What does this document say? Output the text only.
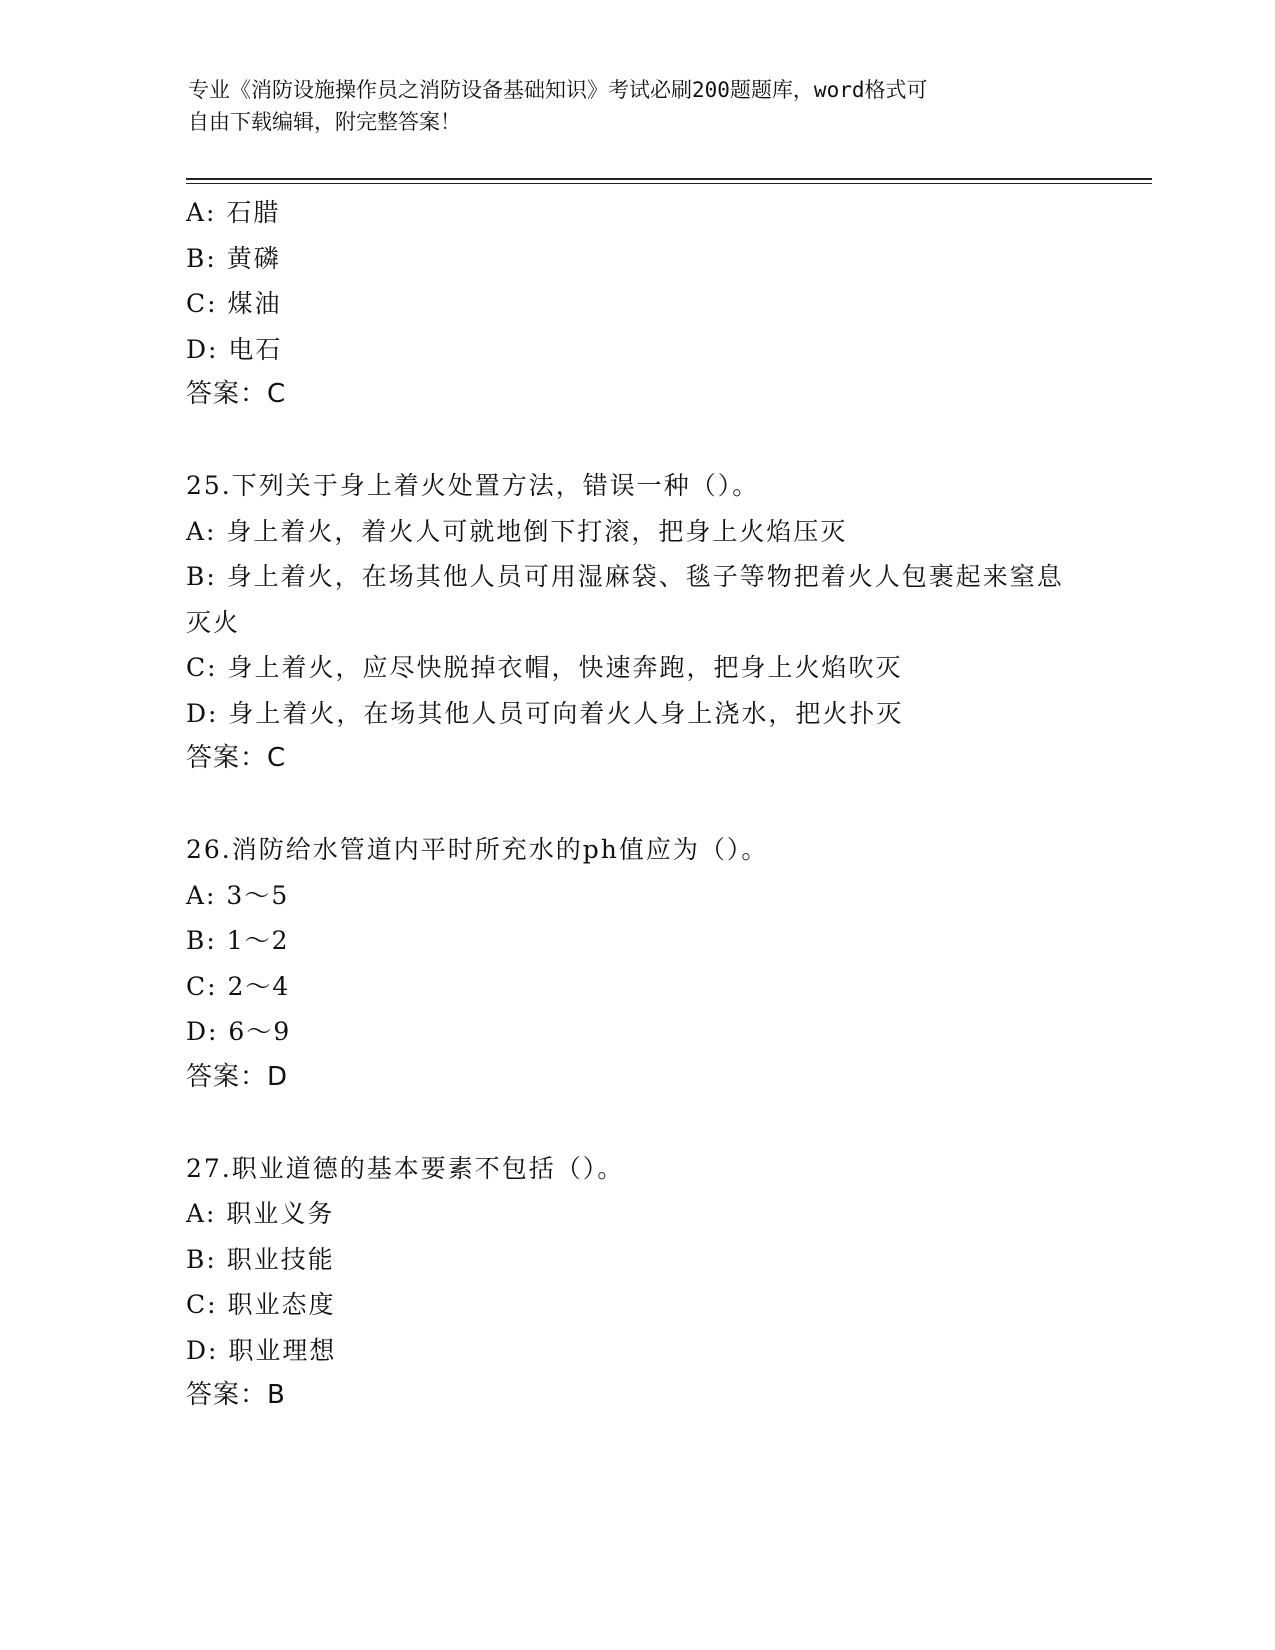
专业《消防设施操作员之消防设备基础知识》考试必刷200题题库，word格式可
自由下载编辑，附完整答案！
A: 石腊
B: 黄磷
C: 煤油
D: 电石
答案：C
25.下列关于身上着火处置方法，错误一种（）。
A: 身上着火，着火人可就地倒下打滚，把身上火焰压灭
B: 身上着火，在场其他人员可用湿麻袋、毯子等物把着火人包裹起来窒息灭火
C: 身上着火，应尽快脱掉衣帽，快速奔跑，把身上火焰吹灭
D: 身上着火，在场其他人员可向着火人身上浇水，把火扑灭
答案：C
26.消防给水管道内平时所充水的ph值应为（）。
A: 3～5
B: 1～2
C: 2～4
D: 6～9
答案：D
27.职业道德的基本要素不包括（）。
A: 职业义务
B: 职业技能
C: 职业态度
D: 职业理想
答案：B
